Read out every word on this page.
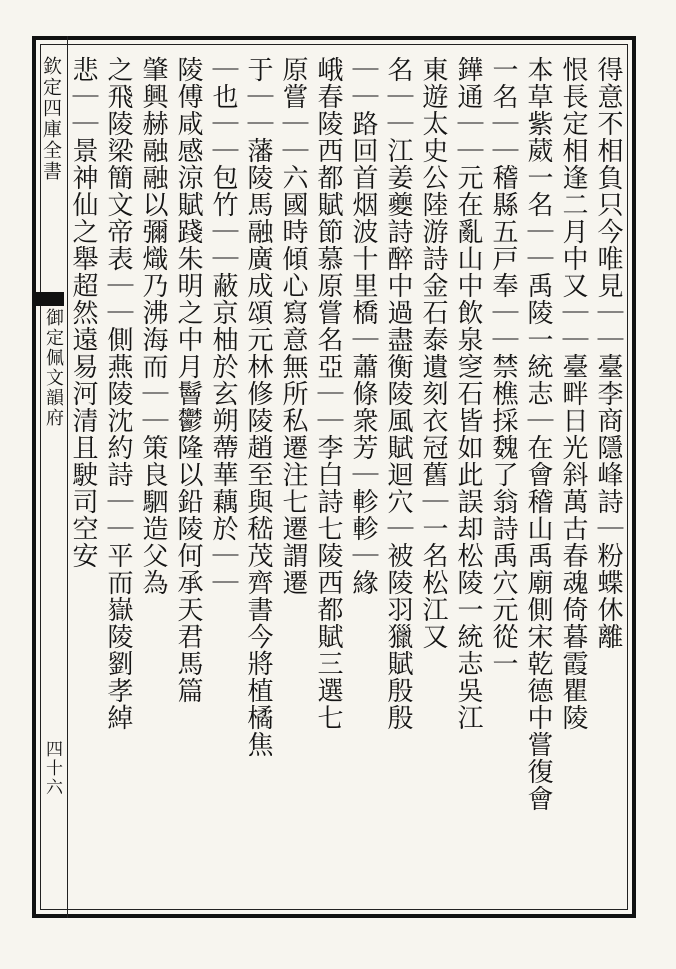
欽定四庫全書
御定佩文韻府
四十六
得意不相負只今唯見｜｜臺李商隱峰詩｜粉蝶休離
恨長定相逢二月中又｜｜臺畔日光斜萬古春魂倚暮霞瞿陵
本草紫葳一名｜｜禹陵一統志｜在會稽山禹廟側宋乾德中嘗復會
一名｜｜稽縣五戸奉｜｜禁樵採魏了翁詩禹穴元從一
鏵通｜｜元在亂山中飲泉窆石皆如此誤却松陵一統志吳江
東遊太史公陸游詩金石泰遺刻衣冠舊｜一名松江又
名｜｜江姜夔詩醉中過盡衡陵風賦迴穴｜被陵羽獵賦殷殷
｜｜路回首烟波十里橋｜蕭條衆芳｜軫軫｜緣
峨春陵西都賦節慕原嘗名亞｜｜李白詩七陵西都賦三選七
原嘗｜｜六國時傾心寫意無所私遷注七遷謂遷
于｜｜藩陵馬融廣成頌元林修陵趙至與嵇茂齊書今將植橘焦
｜也｜｜包竹｜｜蔽京柚於玄朔蔕華藕於｜｜
陵傅咸感涼賦踐朱明之中月鬙鬱隆以鉛陵何承天君馬篇
肇興赫融融以彌熾乃沸海而｜｜策良駟造父為
之飛陵梁簡文帝表｜｜側燕陵沈約詩｜｜平而嶽陵劉孝綽
悲｜｜景神仙之舉超然遠易河清且駛司空安
